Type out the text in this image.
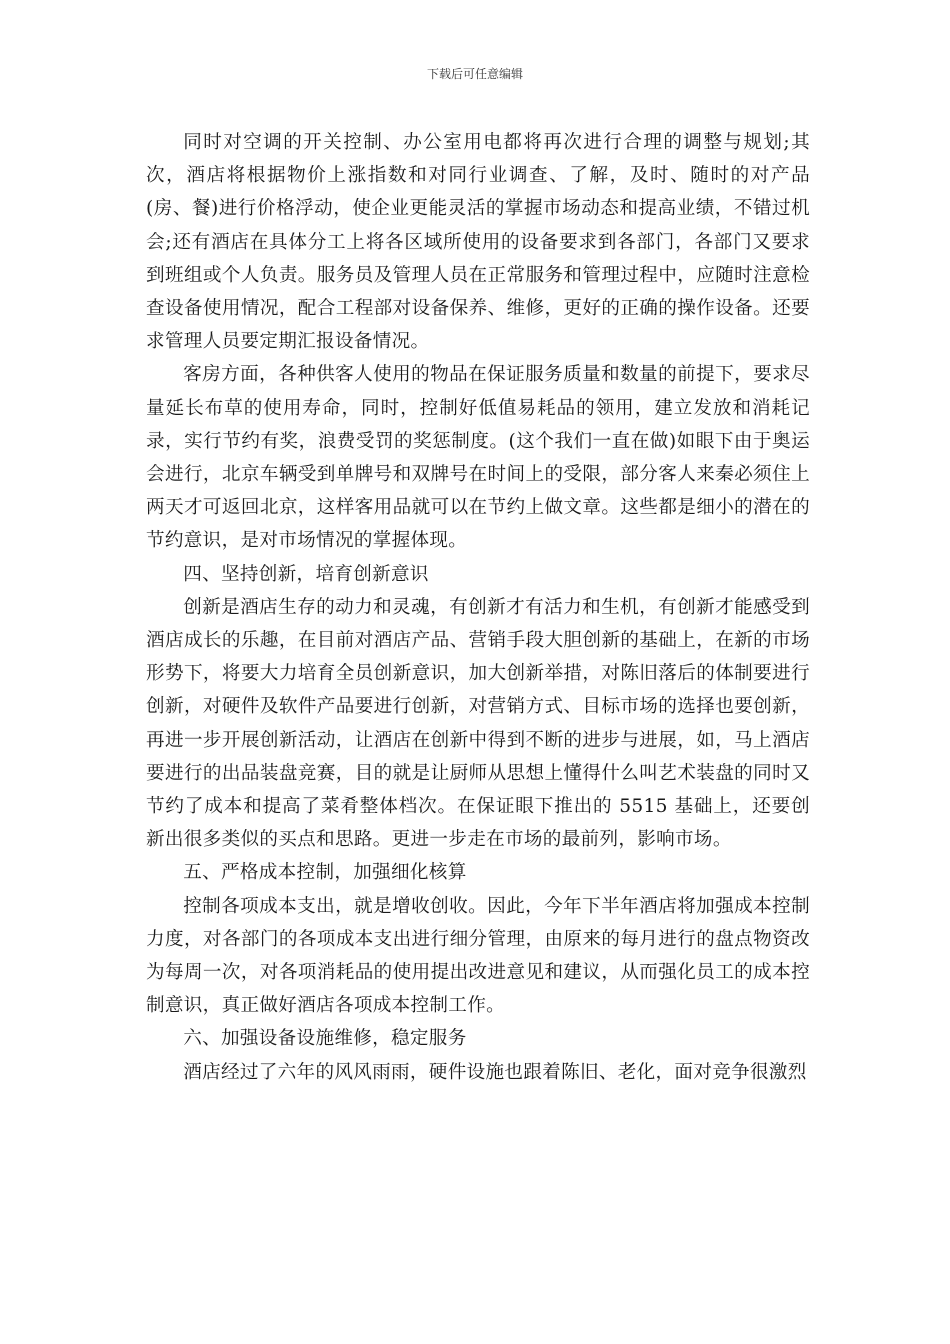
下载后可任意编辑

同时对空调的开关控制、办公室用电都将再次进行合理的调整与规划;其次，酒店将根据物价上涨指数和对同行业调查、了解，及时、随时的对产品(房、餐)进行价格浮动，使企业更能灵活的掌握市场动态和提高业绩，不错过机会;还有酒店在具体分工上将各区域所使用的设备要求到各部门，各部门又要求到班组或个人负责。服务员及管理人员在正常服务和管理过程中，应随时注意检查设备使用情况，配合工程部对设备保养、维修，更好的正确的操作设备。还要求管理人员要定期汇报设备情况。

客房方面，各种供客人使用的物品在保证服务质量和数量的前提下，要求尽量延长布草的使用寿命，同时，控制好低值易耗品的领用，建立发放和消耗记录，实行节约有奖，浪费受罚的奖惩制度。(这个我们一直在做)如眼下由于奥运会进行，北京车辆受到单牌号和双牌号在时间上的受限，部分客人来秦必须住上两天才可返回北京，这样客用品就可以在节约上做文章。这些都是细小的潜在的节约意识，是对市场情况的掌握体现。

四、坚持创新，培育创新意识

创新是酒店生存的动力和灵魂，有创新才有活力和生机，有创新才能感受到酒店成长的乐趣，在目前对酒店产品、营销手段大胆创新的基础上，在新的市场形势下，将要大力培育全员创新意识，加大创新举措，对陈旧落后的体制要进行创新，对硬件及软件产品要进行创新，对营销方式、目标市场的选择也要创新，再进一步开展创新活动，让酒店在创新中得到不断的进步与进展，如，马上酒店要进行的出品装盘竞赛，目的就是让厨师从思想上懂得什么叫艺术装盘的同时又节约了成本和提高了菜肴整体档次。在保证眼下推出的 5515 基础上，还要创新出很多类似的买点和思路。更进一步走在市场的最前列，影响市场。

五、严格成本控制，加强细化核算

控制各项成本支出，就是增收创收。因此，今年下半年酒店将加强成本控制力度，对各部门的各项成本支出进行细分管理，由原来的每月进行的盘点物资改为每周一次，对各项消耗品的使用提出改进意见和建议，从而强化员工的成本控制意识，真正做好酒店各项成本控制工作。

六、加强设备设施维修，稳定服务

酒店经过了六年的风风雨雨，硬件设施也跟着陈旧、老化，面对竞争很激烈
